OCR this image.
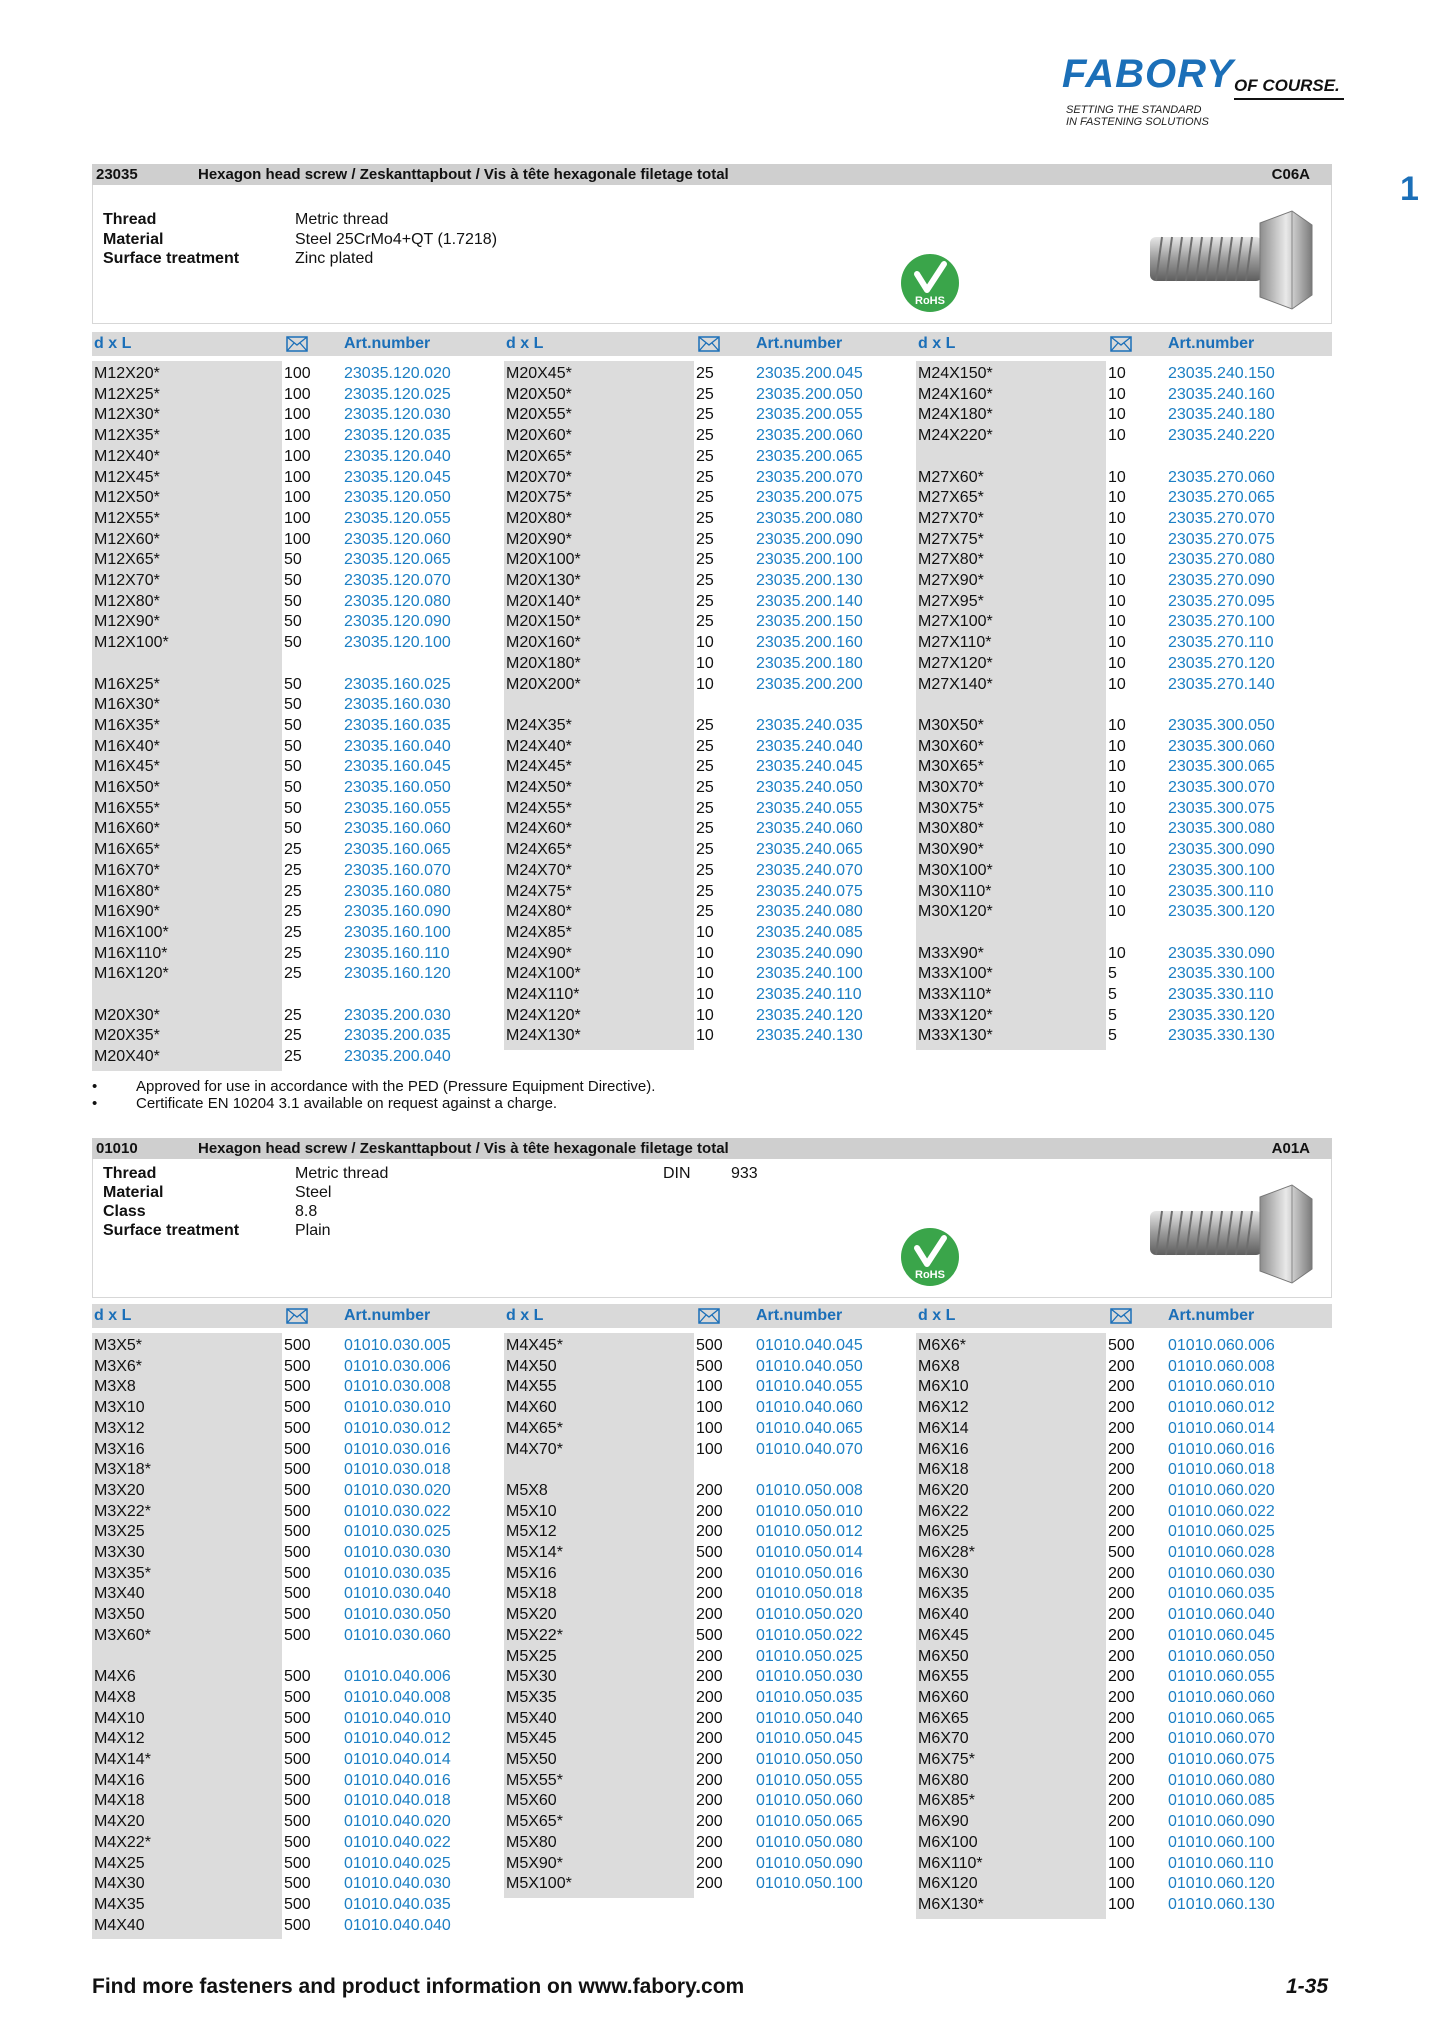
FABORY OF COURSE.
SETTING THE STANDARD
IN FASTENING SOLUTIONS
1
23035	Hexagon head screw / Zeskanttapbout / Vis à tête hexagonale filetage total	C06A
Thread	Metric thread
Material	Steel 25CrMo4+QT (1.7218)
Surface treatment	Zinc plated
RoHS
d x L	Art.number	d x L	Art.number	d x L	Art.number
M12X20*	100 23035.120.020
M12X25*	100 23035.120.025
M12X30*	100 23035.120.030
M12X35*	100 23035.120.035
M12X40*	100 23035.120.040
M12X45*	100 23035.120.045
M12X50*	100 23035.120.050
M12X55*	100 23035.120.055
M12X60*	100 23035.120.060
M12X65*	50	23035.120.065
M12X70*	50	23035.120.070
M12X80*	50	23035.120.080
M12X90*	50	23035.120.090
M12X100*	50	23035.120.100
M16X25*	50	23035.160.025
M16X30*	50	23035.160.030
M16X35*	50	23035.160.035
M16X40*	50	23035.160.040
M16X45*	50	23035.160.045
M16X50*	50	23035.160.050
M16X55*	50	23035.160.055
M16X60*	50	23035.160.060
M16X65*	25	23035.160.065
M16X70*	25	23035.160.070
M16X80*	25	23035.160.080
M16X90*	25	23035.160.090
M16X100*	25	23035.160.100
M16X110*	25	23035.160.110
M16X120*	25	23035.160.120
M20X30*	25	23035.200.030
M20X35*	25	23035.200.035
M20X40*	25	23035.200.040
M20X45*	25	23035.200.045
M20X50*	25	23035.200.050
M20X55*	25	23035.200.055
M20X60*	25	23035.200.060
M20X65*	25	23035.200.065
M20X70*	25	23035.200.070
M20X75*	25	23035.200.075
M20X80*	25	23035.200.080
M20X90*	25	23035.200.090
M20X100*	25	23035.200.100
M20X130*	25	23035.200.130
M20X140*	25	23035.200.140
M20X150*	25	23035.200.150
M20X160*	10	23035.200.160
M20X180*	10	23035.200.180
M20X200*	10	23035.200.200
M24X35*	25	23035.240.035
M24X40*	25	23035.240.040
M24X45*	25	23035.240.045
M24X50*	25	23035.240.050
M24X55*	25	23035.240.055
M24X60*	25	23035.240.060
M24X65*	25	23035.240.065
M24X70*	25	23035.240.070
M24X75*	25	23035.240.075
M24X80*	25	23035.240.080
M24X85*	10	23035.240.085
M24X90*	10	23035.240.090
M24X100*	10	23035.240.100
M24X110*	10	23035.240.110
M24X120*	10	23035.240.120
M24X130*	10	23035.240.130
M24X150*	10	23035.240.150
M24X160*	10	23035.240.160
M24X180*	10	23035.240.180
M24X220*	10	23035.240.220
M27X60*	10	23035.270.060
M27X65*	10	23035.270.065
M27X70*	10	23035.270.070
M27X75*	10	23035.270.075
M27X80*	10	23035.270.080
M27X90*	10	23035.270.090
M27X95*	10	23035.270.095
M27X100*	10	23035.270.100
M27X110*	10	23035.270.110
M27X120*	10	23035.270.120
M27X140*	10	23035.270.140
M30X50*	10	23035.300.050
M30X60*	10	23035.300.060
M30X65*	10	23035.300.065
M30X70*	10	23035.300.070
M30X75*	10	23035.300.075
M30X80*	10	23035.300.080
M30X90*	10	23035.300.090
M30X100*	10	23035.300.100
M30X110*	10	23035.300.110
M30X120*	10	23035.300.120
M33X90*	10	23035.330.090
M33X100*	5	23035.330.100
M33X110*	5	23035.330.110
M33X120*	5	23035.330.120
M33X130*	5	23035.330.130
•	Approved for use in accordance with the PED (Pressure Equipment Directive).
•	Certificate EN 10204 3.1 available on request against a charge.
01010	Hexagon head screw / Zeskanttapbout / Vis à tête hexagonale filetage total	A01A
Thread	Metric thread
Material	Steel
Class	8.8
Surface treatment	Plain
DIN	933
RoHS
d x L	Art.number	d x L	Art.number	d x L	Art.number
M3X5*	500 01010.030.005
M3X6*	500 01010.030.006
M3X8	500 01010.030.008
M3X10	500 01010.030.010
M3X12	500 01010.030.012
M3X16	500 01010.030.016
M3X18*	500 01010.030.018
M3X20	500 01010.030.020
M3X22*	500 01010.030.022
M3X25	500 01010.030.025
M3X30	500 01010.030.030
M3X35*	500 01010.030.035
M3X40	500 01010.030.040
M3X50	500 01010.030.050
M3X60*	500 01010.030.060
M4X6	500 01010.040.006
M4X8	500 01010.040.008
M4X10	500 01010.040.010
M4X12	500 01010.040.012
M4X14*	500 01010.040.014
M4X16	500 01010.040.016
M4X18	500 01010.040.018
M4X20	500 01010.040.020
M4X22*	500 01010.040.022
M4X25	500 01010.040.025
M4X30	500 01010.040.030
M4X35	500 01010.040.035
M4X40	500 01010.040.040
M4X45*	500 01010.040.045
M4X50	500 01010.040.050
M4X55	100 01010.040.055
M4X60	100 01010.040.060
M4X65*	100 01010.040.065
M4X70*	100 01010.040.070
M5X8	200 01010.050.008
M5X10	200 01010.050.010
M5X12	200 01010.050.012
M5X14*	500 01010.050.014
M5X16	200 01010.050.016
M5X18	200 01010.050.018
M5X20	200 01010.050.020
M5X22*	500 01010.050.022
M5X25	200 01010.050.025
M5X30	200 01010.050.030
M5X35	200 01010.050.035
M5X40	200 01010.050.040
M5X45	200 01010.050.045
M5X50	200 01010.050.050
M5X55*	200 01010.050.055
M5X60	200 01010.050.060
M5X65*	200 01010.050.065
M5X80	200 01010.050.080
M5X90*	200 01010.050.090
M5X100*	200 01010.050.100
M6X6*	500 01010.060.006
M6X8	200 01010.060.008
M6X10	200 01010.060.010
M6X12	200 01010.060.012
M6X14	200 01010.060.014
M6X16	200 01010.060.016
M6X18	200 01010.060.018
M6X20	200 01010.060.020
M6X22	200 01010.060.022
M6X25	200 01010.060.025
M6X28*	500 01010.060.028
M6X30	200 01010.060.030
M6X35	200 01010.060.035
M6X40	200 01010.060.040
M6X45	200 01010.060.045
M6X50	200 01010.060.050
M6X55	200 01010.060.055
M6X60	200 01010.060.060
M6X65	200 01010.060.065
M6X70	200 01010.060.070
M6X75*	200 01010.060.075
M6X80	200 01010.060.080
M6X85*	200 01010.060.085
M6X90	200 01010.060.090
M6X100	100 01010.060.100
M6X110*	100 01010.060.110
M6X120	100 01010.060.120
M6X130*	100 01010.060.130
Find more fasteners and product information on www.fabory.com	1-35
